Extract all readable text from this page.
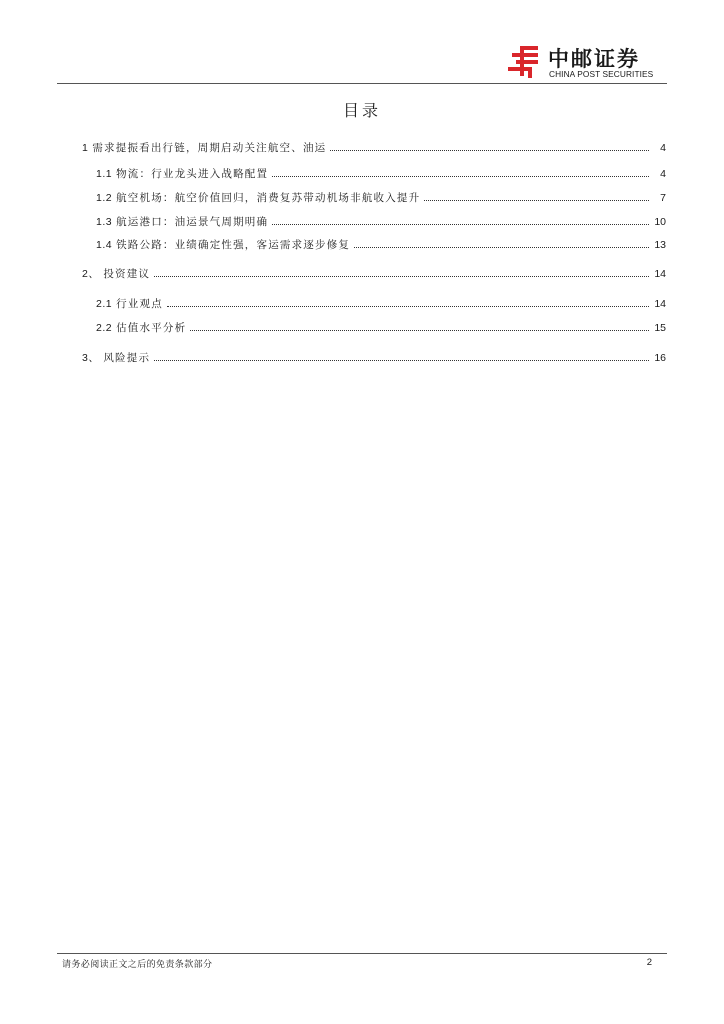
中邮证券
CHINA POST SECURITIES
目录
1 需求提振看出行链，周期启动关注航空、油运	4
1.1 物流：行业龙头进入战略配置	4
1.2 航空机场：航空价值回归，消费复苏带动机场非航收入提升	7
1.3 航运港口：油运景气周期明确	10
1.4 铁路公路：业绩确定性强，客运需求逐步修复	13
2、 投资建议	14
2.1 行业观点	14
2.2 估值水平分析	15
3、 风险提示	16
请务必阅读正文之后的免责条款部分	2
